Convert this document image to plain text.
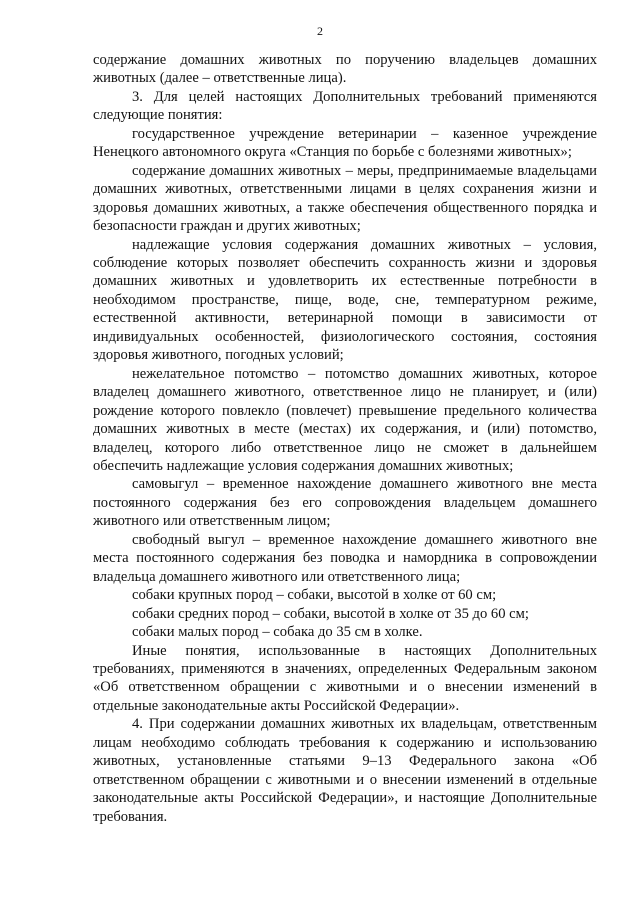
2

содержание домашних животных по поручению владельцев домашних животных (далее – ответственные лица).

3. Для целей настоящих Дополнительных требований применяются следующие понятия:

государственное учреждение ветеринарии – казенное учреждение Ненецкого автономного округа «Станция по борьбе с болезнями животных»;

содержание домашних животных – меры, предпринимаемые владельцами домашних животных, ответственными лицами в целях сохранения жизни и здоровья домашних животных, а также обеспечения общественного порядка и безопасности граждан и других животных;

надлежащие условия содержания домашних животных – условия, соблюдение которых позволяет обеспечить сохранность жизни и здоровья домашних животных и удовлетворить их естественные потребности в необходимом пространстве, пище, воде, сне, температурном режиме, естественной активности, ветеринарной помощи в зависимости от индивидуальных особенностей, физиологического состояния, состояния здоровья животного, погодных условий;

нежелательное потомство – потомство домашних животных, которое владелец домашнего животного, ответственное лицо не планирует, и (или) рождение которого повлекло (повлечет) превышение предельного количества домашних животных в месте (местах) их содержания, и (или) потомство, владелец, которого либо ответственное лицо не сможет в дальнейшем обеспечить надлежащие условия содержания домашних животных;

самовыгул – временное нахождение домашнего животного вне места постоянного содержания без его сопровождения владельцем домашнего животного или ответственным лицом;

свободный выгул – временное нахождение домашнего животного вне места постоянного содержания без поводка и намордника в сопровождении владельца домашнего животного или ответственного лица;

собаки крупных пород – собаки, высотой в холке от 60 см;

собаки средних пород – собаки, высотой в холке от 35 до 60 см;

собаки малых пород – собака до 35 см в холке.

Иные понятия, использованные в настоящих Дополнительных требованиях, применяются в значениях, определенных Федеральным законом «Об ответственном обращении с животными и о внесении изменений в отдельные законодательные акты Российской Федерации».

4. При содержании домашних животных их владельцам, ответственным лицам необходимо соблюдать требования к содержанию и использованию животных, установленные статьями 9–13 Федерального закона «Об ответственном обращении с животными и о внесении изменений в отдельные законодательные акты Российской Федерации», и настоящие Дополнительные требования.
